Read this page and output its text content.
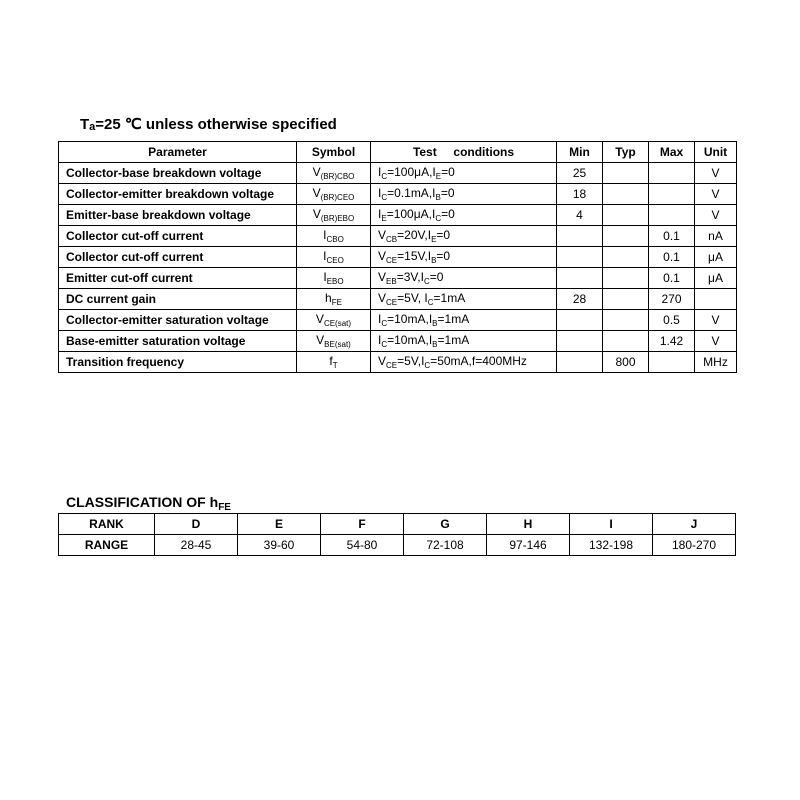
$T_a=25$ ℃ unless otherwise specified
Parameter	Symbol	Test     conditions	Min	Typ	Max	Unit
Collector-base breakdown voltage	$V_{(BR)CBO}$	$I_C=100\mu A,I_E=0$	25			V
Collector-emitter breakdown voltage	$V_{(BR)CEO}$	$I_C=0.1mA,I_B=0$	18			V
Emitter-base breakdown voltage	$V_{(BR)EBO}$	$I_E=100\mu A,I_C=0$	4			V
Collector cut-off current	$I_{CBO}$	$V_{CB}=20V,I_E=0$			0.1	nA
Collector cut-off current	$I_{CEO}$	$V_{CE}=15V,I_B=0$			0.1	μA
Emitter cut-off current	$I_{EBO}$	$V_{EB}=3V,I_C=0$			0.1	μA
DC current gain	$h_{FE}$	$V_{CE}=5V$, $I_C=1mA$	28		270	
Collector-emitter saturation voltage	$V_{CE(sat)}$	$I_C=10mA,I_B=1mA$			0.5	V
Base-emitter saturation voltage	$V_{BE(sat)}$	$I_C=10mA,I_B=1mA$			1.42	V
Transition frequency	$f_T$	$V_{CE}=5V,I_C=50mA,f=400MHz$		800		MHz
CLASSIFICATION OF $h_{FE}$
RANK	D	E	F	G	H	I	J
RANGE	28-45	39-60	54-80	72-108	97-146	132-198	180-270
